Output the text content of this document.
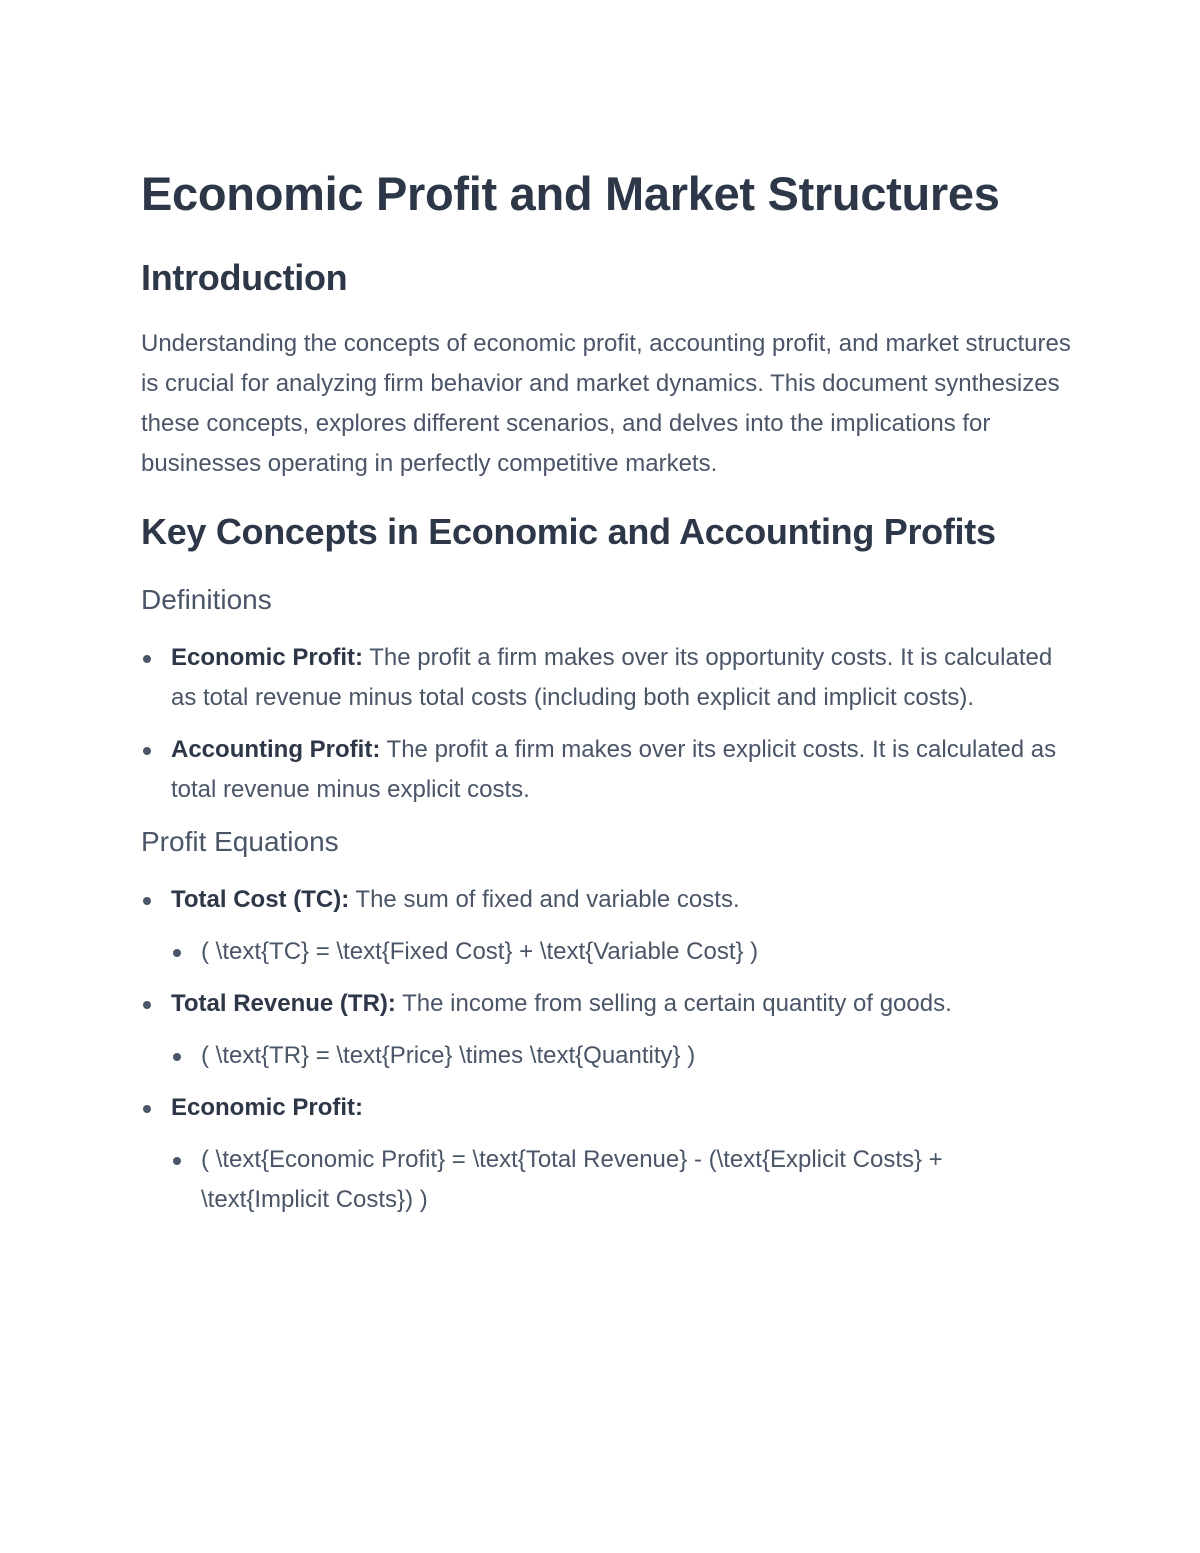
Economic Profit and Market Structures
Introduction

Understanding the concepts of economic profit, accounting profit, and market structures is crucial for analyzing firm behavior and market dynamics. This document synthesizes these concepts, explores different scenarios, and delves into the implications for businesses operating in perfectly competitive markets.

Key Concepts in Economic and Accounting Profits
Definitions
Economic Profit: The profit a firm makes over its opportunity costs. It is calculated as total revenue minus total costs (including both explicit and implicit costs).
Accounting Profit: The profit a firm makes over its explicit costs. It is calculated as total revenue minus explicit costs.
Profit Equations
Total Cost (TC): The sum of fixed and variable costs.
( \text{TC} = \text{Fixed Cost} + \text{Variable Cost} )
Total Revenue (TR): The income from selling a certain quantity of goods.
( \text{TR} = \text{Price} \times \text{Quantity} )
Economic Profit:
( \text{Economic Profit} = \text{Total Revenue} - (\text{Explicit Costs} + \text{Implicit Costs}) )
